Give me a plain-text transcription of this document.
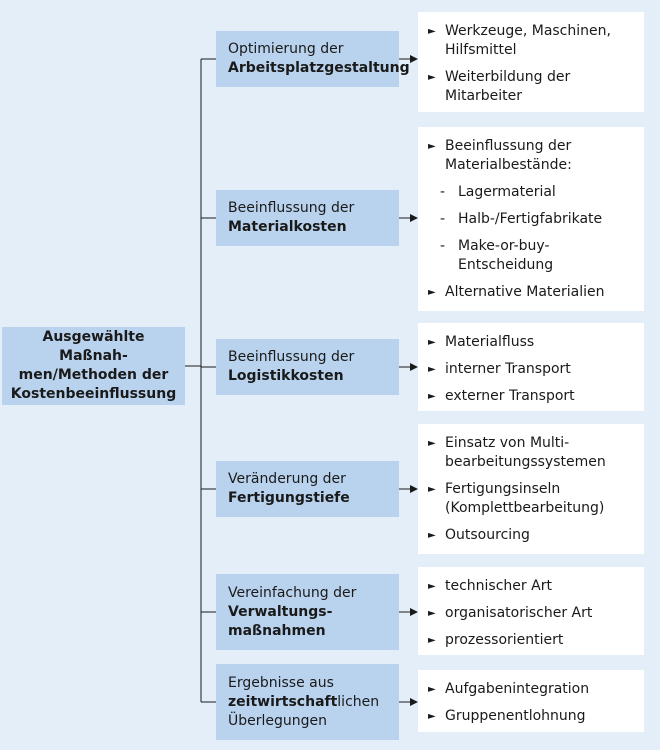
Ausgewählte Maßnah-
men/Methoden der
Kostenbeeinflussung
Optimierung der
Arbeitsplatzgestaltung
► Werkzeuge, Maschinen,
Hilfsmittel
► Weiterbildung der
Mitarbeiter
Beeinflussung der
Materialkosten
► Beeinflussung der
Materialbestände:
- Lagermaterial
- Halb-/Fertigfabrikate
- Make-or-buy-
Entscheidung
► Alternative Materialien
Beeinflussung der
Logistikkosten
► Materialfluss
► interner Transport
► externer Transport
Veränderung der
Fertigungstiefe
► Einsatz von Multi-
bearbeitungssystemen
► Fertigungsinseln
(Komplettbearbeitung)
► Outsourcing
Vereinfachung der
Verwaltungs-
maßnahmen
► technischer Art
► organisatorischer Art
► prozessorientiert
Ergebnisse aus
zeitwirtschaftlichen
Überlegungen
► Aufgabenintegration
► Gruppenentlohnung
